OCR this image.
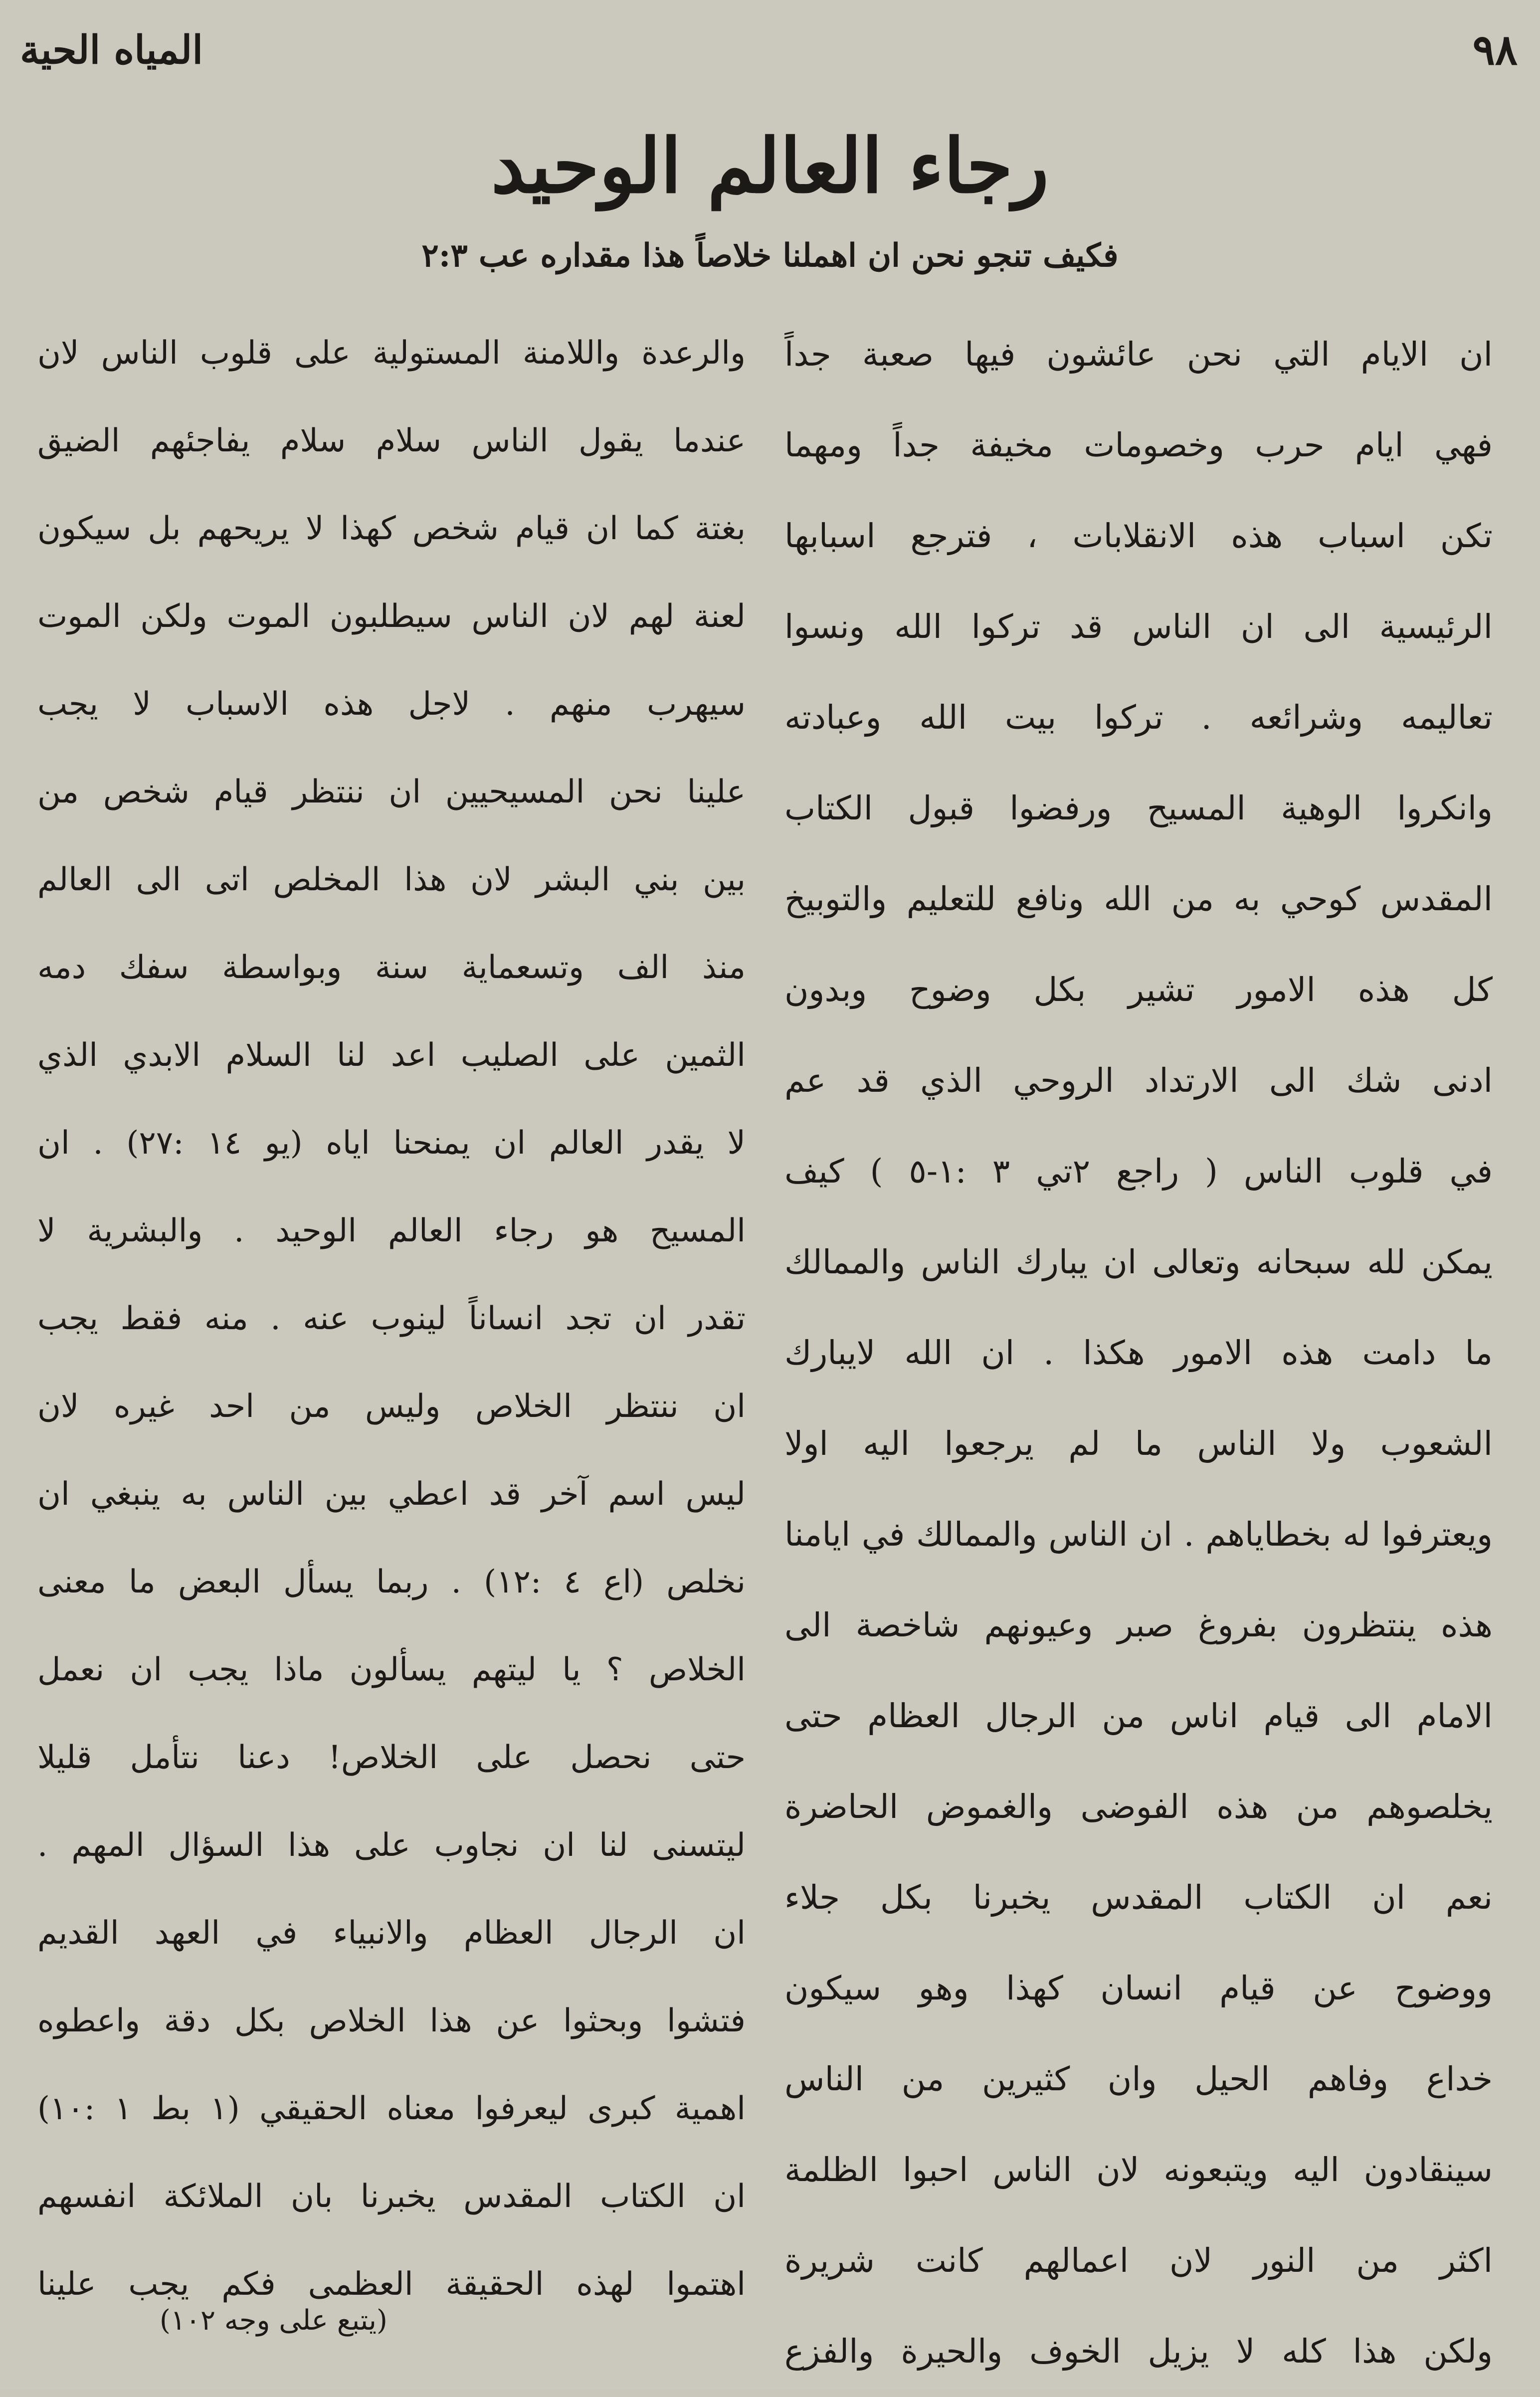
المياه الحية	٩٨
رجاء العالم الوحيد
فكيف تنجو نحن ان اهملنا خلاصاً هذا مقداره عب ٢:٣
ان الايام التي نحن عائشون فيها صعبة جداً
فهي ايام حرب وخصومات مخيفة جداً ومهما
تكن اسباب هذه الانقلابات ، فترجع اسبابها
الرئيسية الى ان الناس قد تركوا الله ونسوا
تعاليمه وشرائعه . تركوا بيت الله وعبادته
وانكروا الوهية المسيح ورفضوا قبول الكتاب
المقدس كوحي به من الله ونافع للتعليم والتوبيخ
كل هذه الامور تشير بكل وضوح وبدون
ادنى شك الى الارتداد الروحي الذي قد عم
في قلوب الناس ( راجع ٢تي ٣ :١-٥ ) كيف
يمكن لله سبحانه وتعالى ان يبارك الناس والممالك
ما دامت هذه الامور هكذا . ان الله لايبارك
الشعوب ولا الناس ما لم يرجعوا اليه اولا
ويعترفوا له بخطاياهم . ان الناس والممالك في ايامنا
هذه ينتظرون بفروغ صبر وعيونهم شاخصة الى
الامام الى قيام اناس من الرجال العظام حتى
يخلصوهم من هذه الفوضى والغموض الحاضرة
نعم ان الكتاب المقدس يخبرنا بكل جلاء
ووضوح عن قيام انسان كهذا وهو سيكون
خداع وفاهم الحيل وان كثيرين من الناس
سينقادون اليه ويتبعونه لان الناس احبوا الظلمة
اكثر من النور لان اعمالهم كانت شريرة
ولكن هذا كله لا يزيل الخوف والحيرة والفزع
والرعدة واللامنة المستولية على قلوب الناس لان
عندما يقول الناس سلام سلام يفاجئهم الضيق
بغتة كما ان قيام شخص كهذا لا يريحهم بل سيكون
لعنة لهم لان الناس سيطلبون الموت ولكن الموت
سيهرب منهم . لاجل هذه الاسباب لا يجب
علينا نحن المسيحيين ان ننتظر قيام شخص من
بين بني البشر لان هذا المخلص اتى الى العالم
منذ الف وتسعماية سنة وبواسطة سفك دمه
الثمين على الصليب اعد لنا السلام الابدي الذي
لا يقدر العالم ان يمنحنا اياه (يو ١٤ :٢٧) . ان
المسيح هو رجاء العالم الوحيد . والبشرية لا
تقدر ان تجد انساناً لينوب عنه . منه فقط يجب
ان ننتظر الخلاص وليس من احد غيره لان
ليس اسم آخر قد اعطي بين الناس به ينبغي ان
نخلص (اع ٤ :١٢) . ربما يسأل البعض ما معنى
الخلاص ؟ يا ليتهم يسألون ماذا يجب ان نعمل
حتى نحصل على الخلاص! دعنا نتأمل قليلا
ليتسنى لنا ان نجاوب على هذا السؤال المهم .
ان الرجال العظام والانبياء في العهد القديم
فتشوا وبحثوا عن هذا الخلاص بكل دقة واعطوه
اهمية كبرى ليعرفوا معناه الحقيقي (١ بط ١ :١٠)
ان الكتاب المقدس يخبرنا بان الملائكة انفسهم
اهتموا لهذه الحقيقة العظمى فكم يجب علينا
(يتبع على وجه ١٠٢)
